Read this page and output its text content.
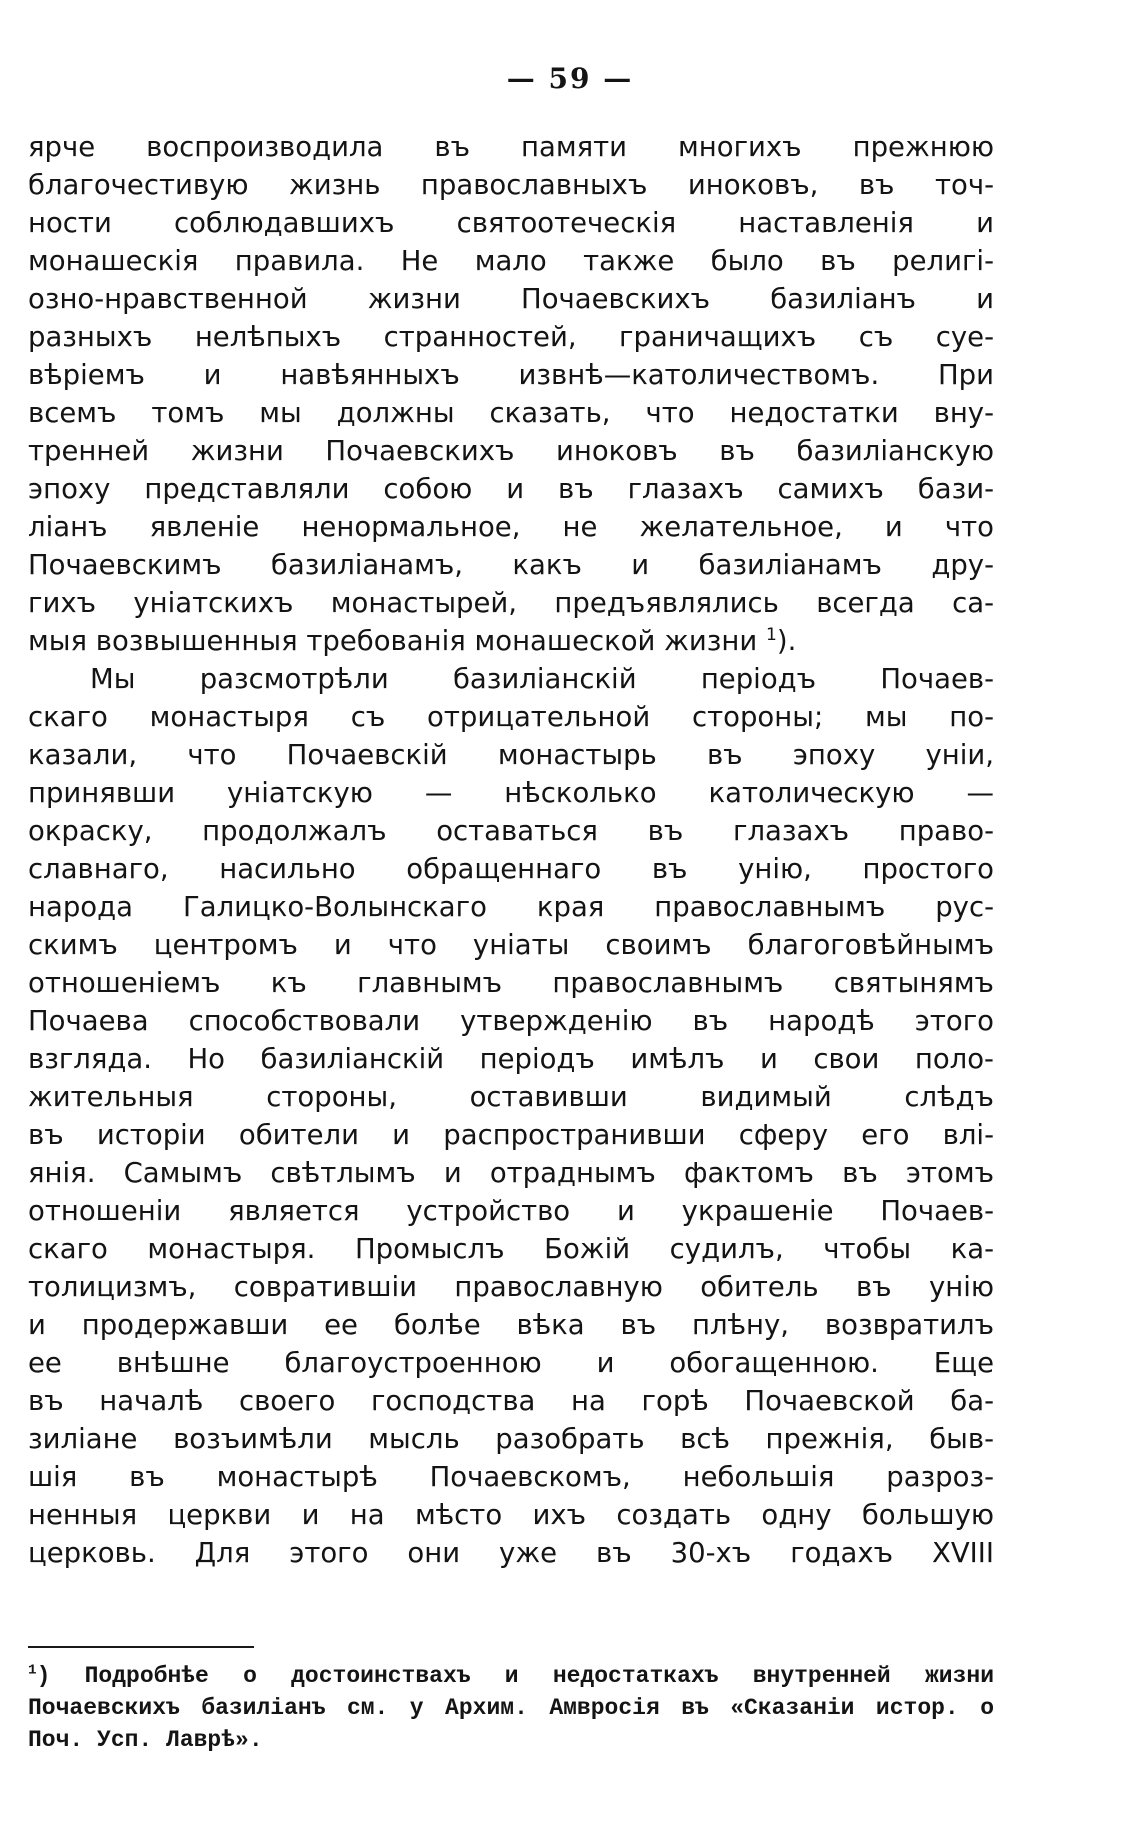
— 59 —
ярче воспроизводила въ памяти многихъ прежнюю
благочестивую жизнь православныхъ иноковъ, въ точ-
ности соблюдавшихъ святоотеческія наставленія и
монашескія правила. Не мало также было въ религі-
озно-нравственной жизни Почаевскихъ базиліанъ и
разныхъ нелѣпыхъ странностей, граничащихъ съ суе-
вѣріемъ и навѣянныхъ извнѣ—католичествомъ. При
всемъ томъ мы должны сказать, что недостатки вну-
тренней жизни Почаевскихъ иноковъ въ базиліанскую
эпоху представляли собою и въ глазахъ самихъ бази-
ліанъ явленіе ненормальное, не желательное, и что
Почаевскимъ базиліанамъ, какъ и базиліанамъ дру-
гихъ уніатскихъ монастырей, предъявлялись всегда са-
мыя возвышенныя требованія монашеской жизни $^1$).
Мы разсмотрѣли базиліанскій періодъ Почаев-
скаго монастыря съ отрицательной стороны; мы по-
казали, что Почаевскій монастырь въ эпоху уніи,
принявши уніатскую — нѣсколько католическую —
окраску, продолжалъ оставаться въ глазахъ право-
славнаго, насильно обращеннаго въ унію, простого
народа Галицко-Волынскаго края православнымъ рус-
скимъ центромъ и что уніаты своимъ благоговѣйнымъ
отношеніемъ къ главнымъ православнымъ святынямъ
Почаева способствовали утвержденію въ народѣ этого
взгляда. Но базиліанскій періодъ имѣлъ и свои поло-
жительныя стороны, оставивши видимый слѣдъ
въ исторіи обители и распространивши сферу его влі-
янія. Самымъ свѣтлымъ и отраднымъ фактомъ въ этомъ
отношеніи является устройство и украшеніе Почаев-
скаго монастыря. Промыслъ Божій судилъ, чтобы ка-
толицизмъ, совратившіи православную обитель въ унію
и продержавши ее болѣе вѣка въ плѣну, возвратилъ
ее внѣшне благоустроенною и обогащенною. Еще
въ началѣ своего господства на горѣ Почаевской ба-
зиліане возъимѣли мысль разобрать всѣ прежнія, быв-
шія въ монастырѣ Почаевскомъ, небольшія разроз-
ненныя церкви и на мѣсто ихъ создать одну большую
церковь. Для этого они уже въ 30-хъ годахъ XVIII
$^1$) Подробнѣе о достоинствахъ и недостаткахъ внутренней жизни
Почаевскихъ базиліанъ см. у Архим. Амвросія въ «Сказаніи истор. о
Поч. Усп. Лаврѣ».
